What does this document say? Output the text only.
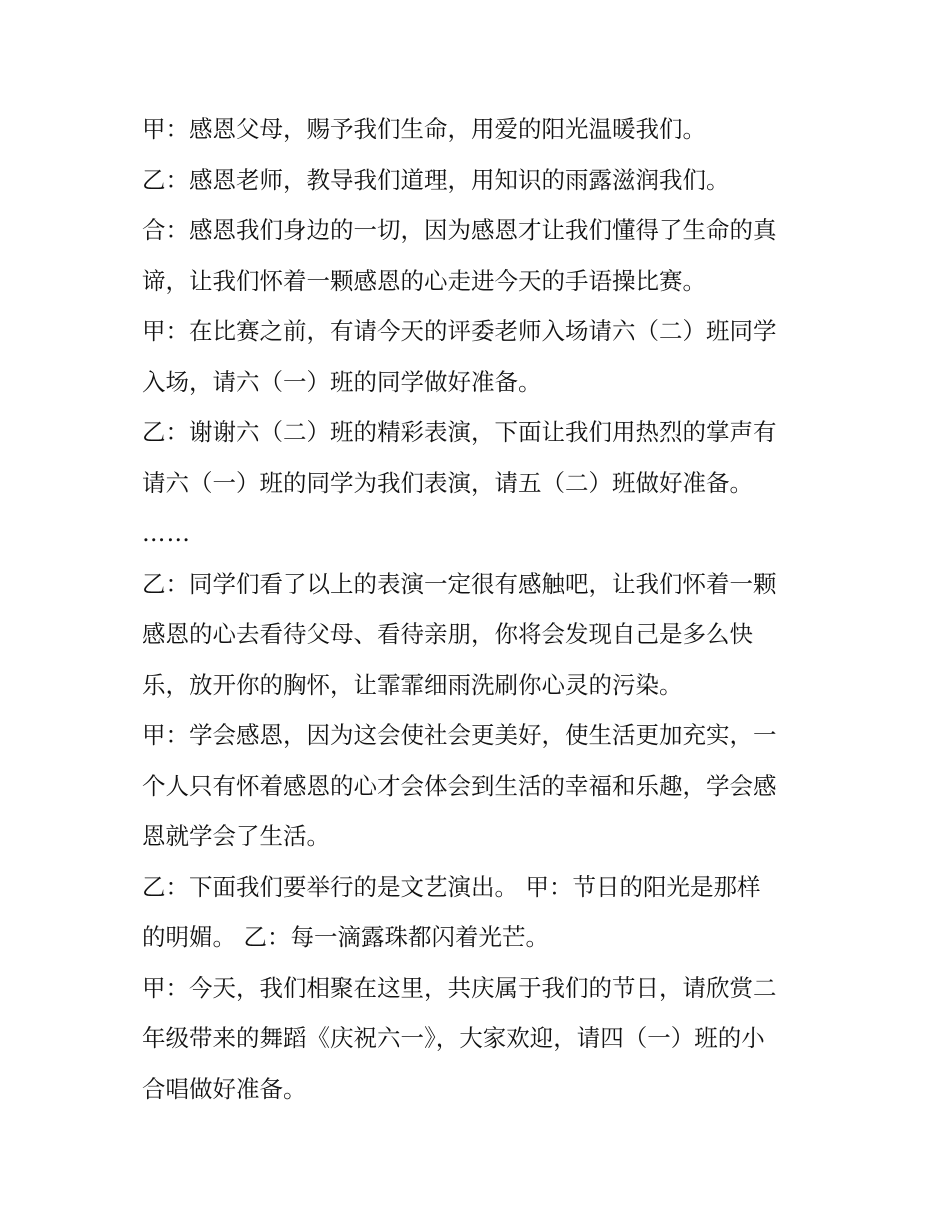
甲：感恩父母，赐予我们生命，用爱的阳光温暖我们。
乙：感恩老师，教导我们道理，用知识的雨露滋润我们。
合：感恩我们身边的一切，因为感恩才让我们懂得了生命的真
谛，让我们怀着一颗感恩的心走进今天的手语操比赛。
甲：在比赛之前，有请今天的评委老师入场请六（二）班同学
入场，请六（一）班的同学做好准备。
乙：谢谢六（二）班的精彩表演，下面让我们用热烈的掌声有
请六（一）班的同学为我们表演，请五（二）班做好准备。
……
乙：同学们看了以上的表演一定很有感触吧，让我们怀着一颗
感恩的心去看待父母、看待亲朋，你将会发现自己是多么快
乐，放开你的胸怀，让霏霏细雨洗刷你心灵的污染。
甲：学会感恩，因为这会使社会更美好，使生活更加充实，一
个人只有怀着感恩的心才会体会到生活的幸福和乐趣，学会感
恩就学会了生活。
乙：下面我们要举行的是文艺演出。 甲：节日的阳光是那样
的明媚。 乙：每一滴露珠都闪着光芒。
甲：今天，我们相聚在这里，共庆属于我们的节日，请欣赏二
年级带来的舞蹈《庆祝六一》，大家欢迎，请四（一）班的小
合唱做好准备。
